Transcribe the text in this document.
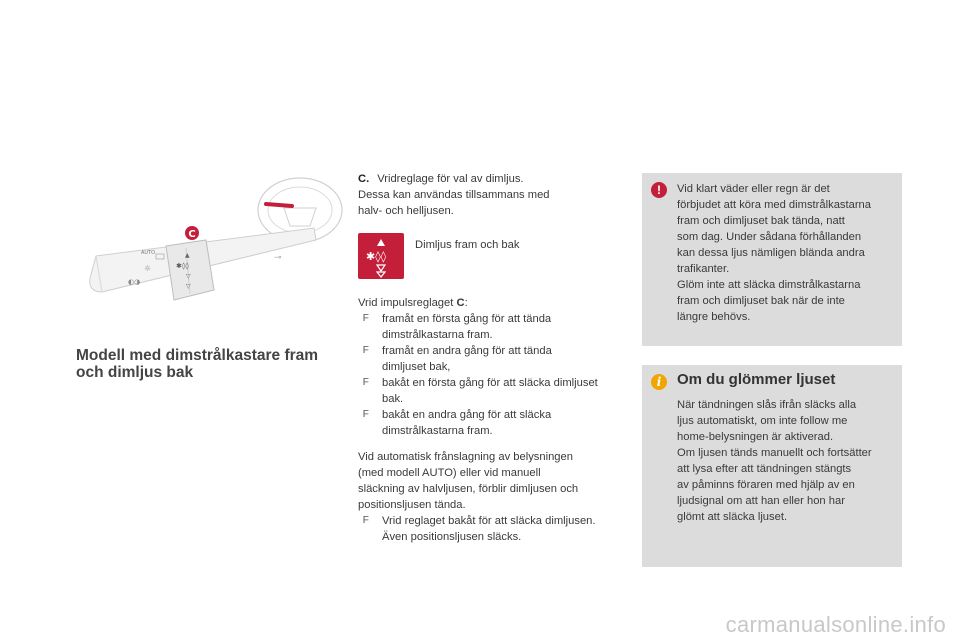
▲
✱◊◊
▽
▽
AUTO
☼
◐◑
⊸
C
Modell med dimstrålkastare fram
och dimljus bak

C. Vridreglage för val av dimljus.

Dessa kan användas tillsammans med

halv- och helljusen.

✱◊◊
Dimljus fram och bak

Vrid impulsreglaget C:

F framåt en första gång för att tända
dimstrålkastarna fram.
F framåt en andra gång för att tända
dimljuset bak,
F bakåt en första gång för att släcka dimljuset
bak.
F bakåt en andra gång för att släcka
dimstrålkastarna fram.

Vid automatisk frånslagning av belysningen

(med modell AUTO) eller vid manuell

släckning av halvljusen, förblir dimljusen och

positionsljusen tända.

F Vrid reglaget bakåt för att släcka dimljusen.
Även positionsljusen släcks.
!	Vid klart väder eller regn är det
förbjudet att köra med dimstrålkastarna
fram och dimljuset bak tända, natt
som dag. Under sådana förhållanden
kan dessa ljus nämligen blända andra
trafikanter.
Glöm inte att släcka dimstrålkastarna
fram och dimljuset bak när de inte
längre behövs.
i	Om du glömmer ljuset
När tändningen slås ifrån släcks alla
ljus automatiskt, om inte follow me
home-belysningen är aktiverad.
Om ljusen tänds manuellt och fortsätter
att lysa efter att tändningen stängts
av påminns föraren med hjälp av en
ljudsignal om att han eller hon har
glömt att släcka ljuset.
carmanualsonline.info
